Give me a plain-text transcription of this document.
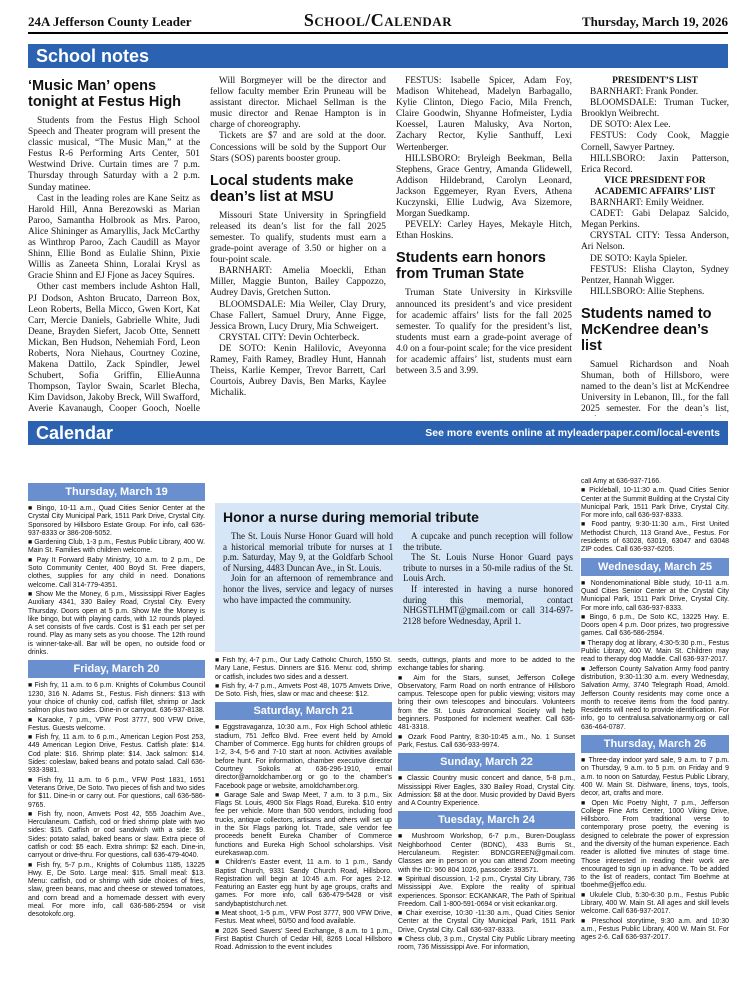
24A Jefferson County Leader	School/Calendar	Thursday, March 19, 2026
School notes
‘Music Man’ opens tonight at Festus High

Students from the Festus High School Speech and Theater program will present the classic musical, “The Music Man,” at the Festus R-6 Performing Arts Center, 501 Westwind Drive. Curtain times are 7 p.m. Thursday through Saturday with a 2 p.m. Sunday matinee.

Cast in the leading roles are Kane Seitz as Harold Hill, Anna Berezowski as Marian Paroo, Samantha Holbrook as Mrs. Paroo, Alice Shininger as Amaryllis, Jack McCarthy as Winthrop Paroo, Zach Caudill as Mayor Shinn, Ellie Bond as Eulalie Shinn, Pixie Willis as Zaneeta Shinn, Loralai Krysl as Gracie Shinn and EJ Fjone as Jacey Squires.

Other cast members include Ashton Hall, PJ Dodson, Ashton Brucato, Darreon Box, Leon Roberts, Bella Micco, Gwen Kort, Kat Carr, Mercie Daniels, Gabrielle White, Judi Deane, Brayden Siefert, Jacob Otte, Sennett Mickan, Ben Hudson, Nehemiah Ford, Leon Roberts, Nora Niehaus, Courtney Cozine, Makena Dattilo, Zack Spindler, Jewel Schubert, Sofia Griffin, EllieAunna Thompson, Taylor Swain, Scarlet Blecha, Kim Davidson, Jakoby Breck, Will Swafford, Averie Kavanaugh, Cooper Gooch, Noelle

Will Borgmeyer will be the director and fellow faculty member Erin Pruneau will be assistant director. Michael Sellman is the music director and Renae Hampton is in charge of choreography.

Tickets are $7 and are sold at the door. Concessions will be sold by the Support Our Stars (SOS) parents booster group.

Local students make dean’s list at MSU

Missouri State University in Springfield released its dean’s list for the fall 2025 semester. To qualify, students must earn a grade-point average of 3.50 or higher on a four-point scale.

BARNHART: Amelia Moeckli, Ethan Miller, Maggie Bunton, Bailey Cappozzo, Audrey Davis, Gretchen Sutton.

BLOOMSDALE: Mia Weiler, Clay Drury, Chase Fallert, Samuel Drury, Anne Figge, Jessica Brown, Lucy Drury, Mia Schweigert.

CRYSTAL CITY: Devin Ochterbeck.

DE SOTO: Kenin Halilovic, Aveyonna Ramey, Faith Ramey, Bradley Hunt, Hannah Theiss, Karlie Kemper, Trevor Barrett, Carl Courtois, Aubrey Davis, Ben Marks, Kaylee Michalik.

FESTUS: Isabelle Spicer, Adam Foy, Madison Whitehead, Madelyn Barbagallo, Kylie Clinton, Diego Facio, Mila French, Claire Goodwin, Shyanne Hofmeister, Lydia Koessel, Lauren Malusky, Ava Norton, Zachary Rector, Kylie Santhuff, Lexi Wertenberger.

HILLSBORO: Bryleigh Beekman, Bella Stephens, Grace Gentry, Amanda Glidewell, Addison Hildebrand, Carolyn Leonard, Jackson Eggemeyer, Ryan Evers, Athena Kuczynski, Ellie Ludwig, Ava Sizemore, Morgan Suedkamp.

PEVELY: Carley Hayes, Mekayle Hitch, Ethan Hoskins.

Students earn honors from Truman State

Truman State University in Kirksville announced its president’s and vice president for academic affairs’ lists for the fall 2025 semester. To qualify for the president’s list, students must earn a grade-point average of 4.0 on a four-point scale; for the vice president for academic affairs’ list, students must earn between 3.5 and 3.99.

PRESIDENT’S LIST

BARNHART: Frank Ponder.

BLOOMSDALE: Truman Tucker, Brooklyn Weibrecht.

DE SOTO: Alex Lee.

FESTUS: Cody Cook, Maggie Cornell, Sawyer Partney.

HILLSBORO: Jaxin Patterson, Erica Record.

VICE PRESIDENT FOR ACADEMIC AFFAIRS’ LIST

BARNHART: Emily Weidner.

CADET: Gabi Delapaz Salcido, Megan Perkins.

CRYSTAL CITY: Tessa Anderson, Ari Nelson.

DE SOTO: Kayla Spieler.

FESTUS: Elisha Clayton, Sydney Pentzer, Hannah Wigger.

HILLSBORO: Allie Stephens.

Students named to McKendree dean’s list

Samuel Richardson and Noah Shuman, both of Hillsboro, were named to the dean’s list at McKendree University in Lebanon, Ill., for the fall 2025 semester. For the dean’s list,

Calendar	See more events online at myleaderpaper.com/local-events
Honor a nurse during memorial tribute

The St. Louis Nurse Honor Guard will hold a historical memorial tribute for nurses at 1 p.m. Saturday, May 9, at the Goldfarb School of Nursing, 4483 Duncan Ave., in St. Louis.

Join for an afternoon of remembrance and honor the lives, service and legacy of nurses who have impacted the community.

A cupcake and punch reception will follow the tribute.

The St. Louis Nurse Honor Guard pays tribute to nurses in a 50-mile radius of the St. Louis Arch.

If interested in having a nurse honored during this memorial, contact NHGSTLHMT@gmail.com or call 314-697-2128 before Wednesday, April 1.

Thursday, March 19

■ Bingo, 10-11 a.m., Quad Cities Senior Center at the Crystal City Municipal Park, 1511 Park Drive, Crystal City. Sponsored by Hillsboro Estate Group. For info, call 636-937-8333 or 386-208-5052.

■ Gardening Club, 1-3 p.m., Festus Public Library, 400 W. Main St. Families with children welcome.

■ Pay It Forward Baby Ministry, 10 a.m. to 2 p.m., De Soto Community Center, 400 Boyd St. Free diapers, clothes, supplies for any child in need. Donations welcome. Call 314-779-4351.

■ Show Me the Money, 6 p.m., Mississippi River Eagles Auxiliary 4341, 330 Bailey Road, Crystal City. Every Thursday. Doors open at 5 p.m. Show Me the Money is like bingo, but with playing cards, with 12 rounds played. A set consists of five cards. Cost is $1 each per set per round. Play as many sets as you choose. The 12th round is winner-take-all. Bar will be open, no outside food or drinks.

Friday, March 20

■ Fish fry, 11 a.m. to 6 p.m. Knights of Columbus Council 1230, 316 N. Adams St., Festus. Fish dinners: $13 with your choice of chunky cod, catfish fillet, shrimp or Jack salmon plus two sides. Dine-in or carryout. 636-937-8138.

■ Karaoke, 7 p.m., VFW Post 3777, 900 VFW Drive, Festus. Guests welcome.

■ Fish fry, 11 a.m. to 6 p.m., American Legion Post 253, 449 American Legion Drive, Festus. Catfish plate: $14. Cod plate: $16. Shrimp plate: $14. Jack salmon: $14. Sides: coleslaw, baked beans and potato salad. Call 636-933-3981.

■ Fish fry, 11 a.m. to 6 p.m., VFW Post 1831, 1651 Veterans Drive, De Soto. Two pieces of fish and two sides for $11. Dine-in or carry out. For questions, call 636-586-9765.

■ Fish fry, noon, Amvets Post 42, 555 Joachim Ave., Herculaneum. Catfish, cod or fried shrimp plate with two sides: $15. Catfish or cod sandwich with a side: $9. Sides: potato salad, baked beans or slaw. Extra piece of catfish or cod: $5 each. Extra shrimp: $2 each. Dine-in, carryout or drive-thru. For questions, call 636-479-4040.

■ Fish fry, 5-7 p.m., Knights of Columbus 1185, 13225 Hwy. E, De Soto. Large meal: $15. Small meal: $13. Menu: catfish, cod or shrimp with side choices of fries, slaw, green beans, mac and cheese or stewed tomatoes, and corn bread and a homemade dessert with every meal. For more info, call 636-586-2594 or visit desotokofc.org.

■ Fish fry, 4-7 p.m., Our Lady Catholic Church, 1550 St. Mary Lane, Festus. Dinners are $16. Menu: cod, shrimp or catfish, includes two sides and a dessert.

■ Fish fry, 4-7 p.m., Amvets Post 48, 1075 Amvets Drive, De Soto. Fish, fries, slaw or mac and cheese: $12.

Saturday, March 21

■ Eggstravaganza, 10:30 a.m., Fox High School athletic stadium, 751 Jeffco Blvd. Free event held by Arnold Chamber of Commerce. Egg hunts for children groups of 1-2, 3-4, 5-6 and 7-10 start at noon. Activities available before hunt. For information, chamber executive director Courtney Sokolis at 636-296-1910, email director@arnoldchamber.org or go to the chamber’s Facebook page or website, arnoldchamber.org.

■ Garage Sale and Swap Meet, 7 a.m. to 3 p.m., Six Flags St. Louis, 4900 Six Flags Road, Eureka. $10 entry fee per vehicle. More than 500 vendors, including food trucks, antique collectors, artisans and others will set up in the Six Flags parking lot. Trade, sale vendor fee proceeds benefit Eureka Chamber of Commerce functions and Eureka High School scholarships. Visit eurekaswap.com.

■ Children’s Easter event, 11 a.m. to 1 p.m., Sandy Baptist Church, 9331 Sandy Church Road, Hillsboro. Registration will begin at 10:45 a.m. For ages 2-12. Featuring an Easter egg hunt by age groups, crafts and games. For more info, call 636-479-5428 or visit sandybaptistchurch.net.

■ Meat shoot, 1-5 p.m., VFW Post 3777, 900 VFW Drive, Festus. Meat wheel, 50/50 and food available.

■ 2026 Seed Savers’ Seed Exchange, 8 a.m. to 1 p.m., First Baptist Church of Cedar Hill, 8265 Local Hillsboro Road. Admission to the event includes

seeds, cuttings, plants and more to be added to the exchange tables for sharing.

■ Aim for the Stars, sunset, Jefferson College Observatory, Farm Road on north entrance of Hillsboro campus. Telescope open for public viewing; visitors may bring their own telescopes and binoculars. Volunteers from the St. Louis Astronomical Society will help beginners. Postponed for inclement weather. Call 636-481-3318.

■ Ozark Food Pantry, 8:30-10:45 a.m., No. 1 Sunset Park, Festus. Call 636-933-9974.

Sunday, March 22

■ Classic Country music concert and dance, 5-8 p.m., Mississippi River Eagles, 330 Bailey Road, Crystal City. Admission: $8 at the door. Music provided by David Byers and A Country Experience.

Tuesday, March 24

■ Mushroom Workshop, 6-7 p.m., Buren-Douglass Neighborhood Center (BDNC), 433 Burris St., Herculaneum. Register: BDNCGREEN@gmail.com. Classes are in person or you can attend Zoom meeting with the ID: 960 804 1026, passcode: 393571.

■ Spiritual discussion, 1-2 p.m., Crystal City Library, 736 Mississippi Ave. Explore the reality of spiritual experiences. Sponsor: ECKANKAR, The Path of Spiritual Freedom. Call 1-800-591-0694 or visit eckankar.org.

■ Chair exercise, 10:30 -11:30 a.m., Quad Cities Senior Center at the Crystal City Municipal Park, 1511 Park Drive, Crystal City. Call 636-937-8333.

■ Chess club, 3 p.m., Crystal City Public Library meeting room, 736 Mississippi Ave. For information,

call Amy at 636-937-7166.

■ Pickleball, 10-11:30 a.m. Quad Cities Senior Center at the Summit Building at the Crystal City Municipal Park, 1511 Park Drive, Crystal City. For more info, call 636-937-8333.

■ Food pantry, 9:30-11:30 a.m., First United Methodist Church, 113 Grand Ave., Festus. For residents of 63028, 63019, 63047 and 63048 ZIP codes. Call 636-937-6205.

Wednesday, March 25

■ Nondenominational Bible study, 10-11 a.m. Quad Cities Senior Center at the Crystal City Municipal Park, 1511 Park Drive, Crystal City. For more info, call 636-937-8333.

■ Bingo, 6 p.m., De Soto KC, 13225 Hwy. E. Doors open 4 p.m. Door prizes, two progressive games. Call 636-586-2594.

■ Therapy dog at library, 4:30-5:30 p.m., Festus Public Library, 400 W. Main St. Children may read to therapy dog Maddie. Call 636-937-2017.

■ Jefferson County Salvation Army food pantry distribution, 9:30-11:30 a.m. every Wednesday, Salvation Army, 3740 Telegraph Road, Arnold. Jefferson County residents may come once a month to receive items from the food pantry. Residents will need to provide identification. For info, go to centralusa.salvationarmy.org or call 636-464-0787.

Thursday, March 26

■ Three-day indoor yard sale, 9 a.m. to 7 p.m. on Thursday, 9 a.m. to 5 p.m. on Friday and 9 a.m. to noon on Saturday, Festus Public Library, 400 W. Main St. Dishware, linens, toys, tools, decor, art, crafts and more.

■ Open Mic Poetry Night, 7 p.m., Jefferson College Fine Arts Center, 1000 Viking Drive, Hillsboro. From traditional verse to contemporary prose poetry, the evening is designed to celebrate the power of expression and the diversity of the human experience. Each reader is allotted five minutes of stage time. Those interested in reading their work are encouraged to sign up in advance. To be added to the list of readers, contact Tim Boehme at tboehme@jeffco.edu.

■ Ukulele Club, 5:30-6:30 p.m., Festus Public Library, 400 W. Main St. All ages and skill levels welcome. Call 636-937-2017.

■ Preschool storytime, 9:30 a.m. and 10:30 a.m., Festus Public Library, 400 W. Main St. For ages 2-6. Call 636-937-2017.
